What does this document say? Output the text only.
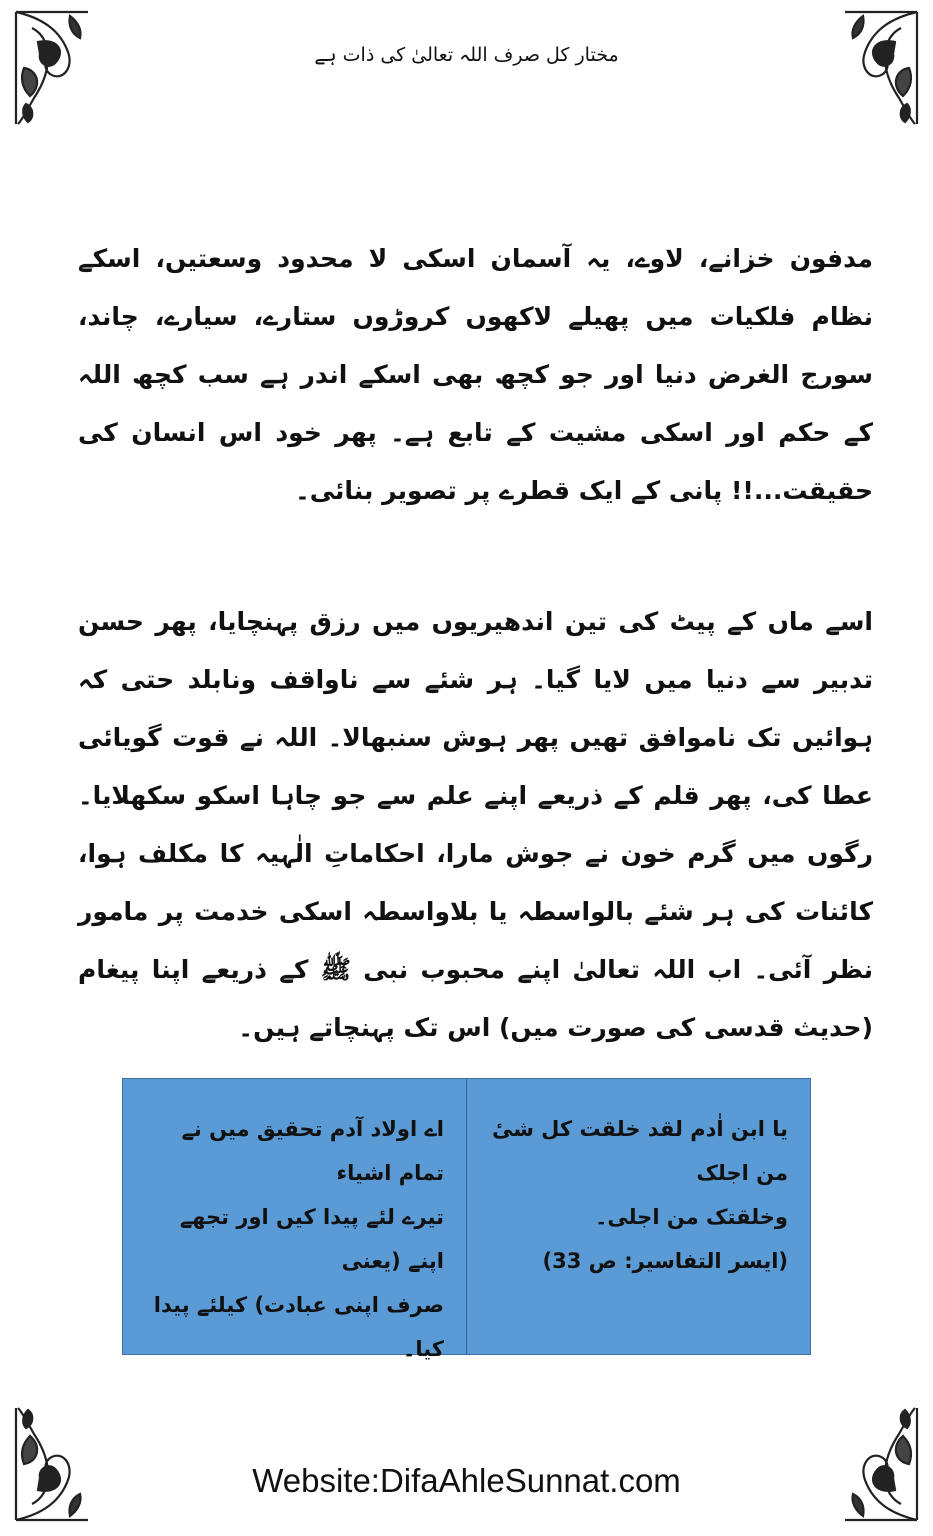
مختار کل صرف اللہ تعالیٰ کی ذات ہے

مدفون خزانے، لاوے، یہ آسمان اسکی لا محدود وسعتیں، اسکے نظام فلکیات میں پھیلے لاکھوں کروڑوں ستارے، سیارے، چاند، سورج الغرض دنیا اور جو کچھ بھی اسکے اندر ہے سب کچھ اللہ کے حکم اور اسکی مشیت کے تابع ہے۔ پھر خود اس انسان کی حقیقت...!! پانی کے ایک قطرے پر تصویر بنائی۔

اسے ماں کے پیٹ کی تین اندھیریوں میں رزق پہنچایا، پھر حسن تدبیر سے دنیا میں لایا گیا۔ ہر شئے سے ناواقف ونابلد حتی کہ ہوائیں تک ناموافق تھیں پھر ہوش سنبھالا۔ اللہ نے قوت گویائی عطا کی، پھر قلم کے ذریعے اپنے علم سے جو چاہا اسکو سکھلایا۔ رگوں میں گرم خون نے جوش مارا، احکاماتِ الٰہیہ کا مکلف ہوا، کائنات کی ہر شئے بالواسطہ یا بلاواسطہ اسکی خدمت پر مامور نظر آئی۔ اب اللہ تعالیٰ اپنے محبوب نبی ﷺ کے ذریعے اپنا پیغام (حدیث قدسی کی صورت میں) اس تک پہنچاتے ہیں۔

یا ابن اٰدم لقد خلقت کل شیٔ من اجلک
وخلقتک من اجلی۔
(ایسر التفاسیر: ص 33)
اے اولاد آدم تحقیق میں نے تمام اشیاء
تیرے لئے پیدا کیں اور تجھے اپنے (یعنی
صرف اپنی عبادت) کیلئے پیدا کیا۔
Website:DifaAhleSunnat.com
